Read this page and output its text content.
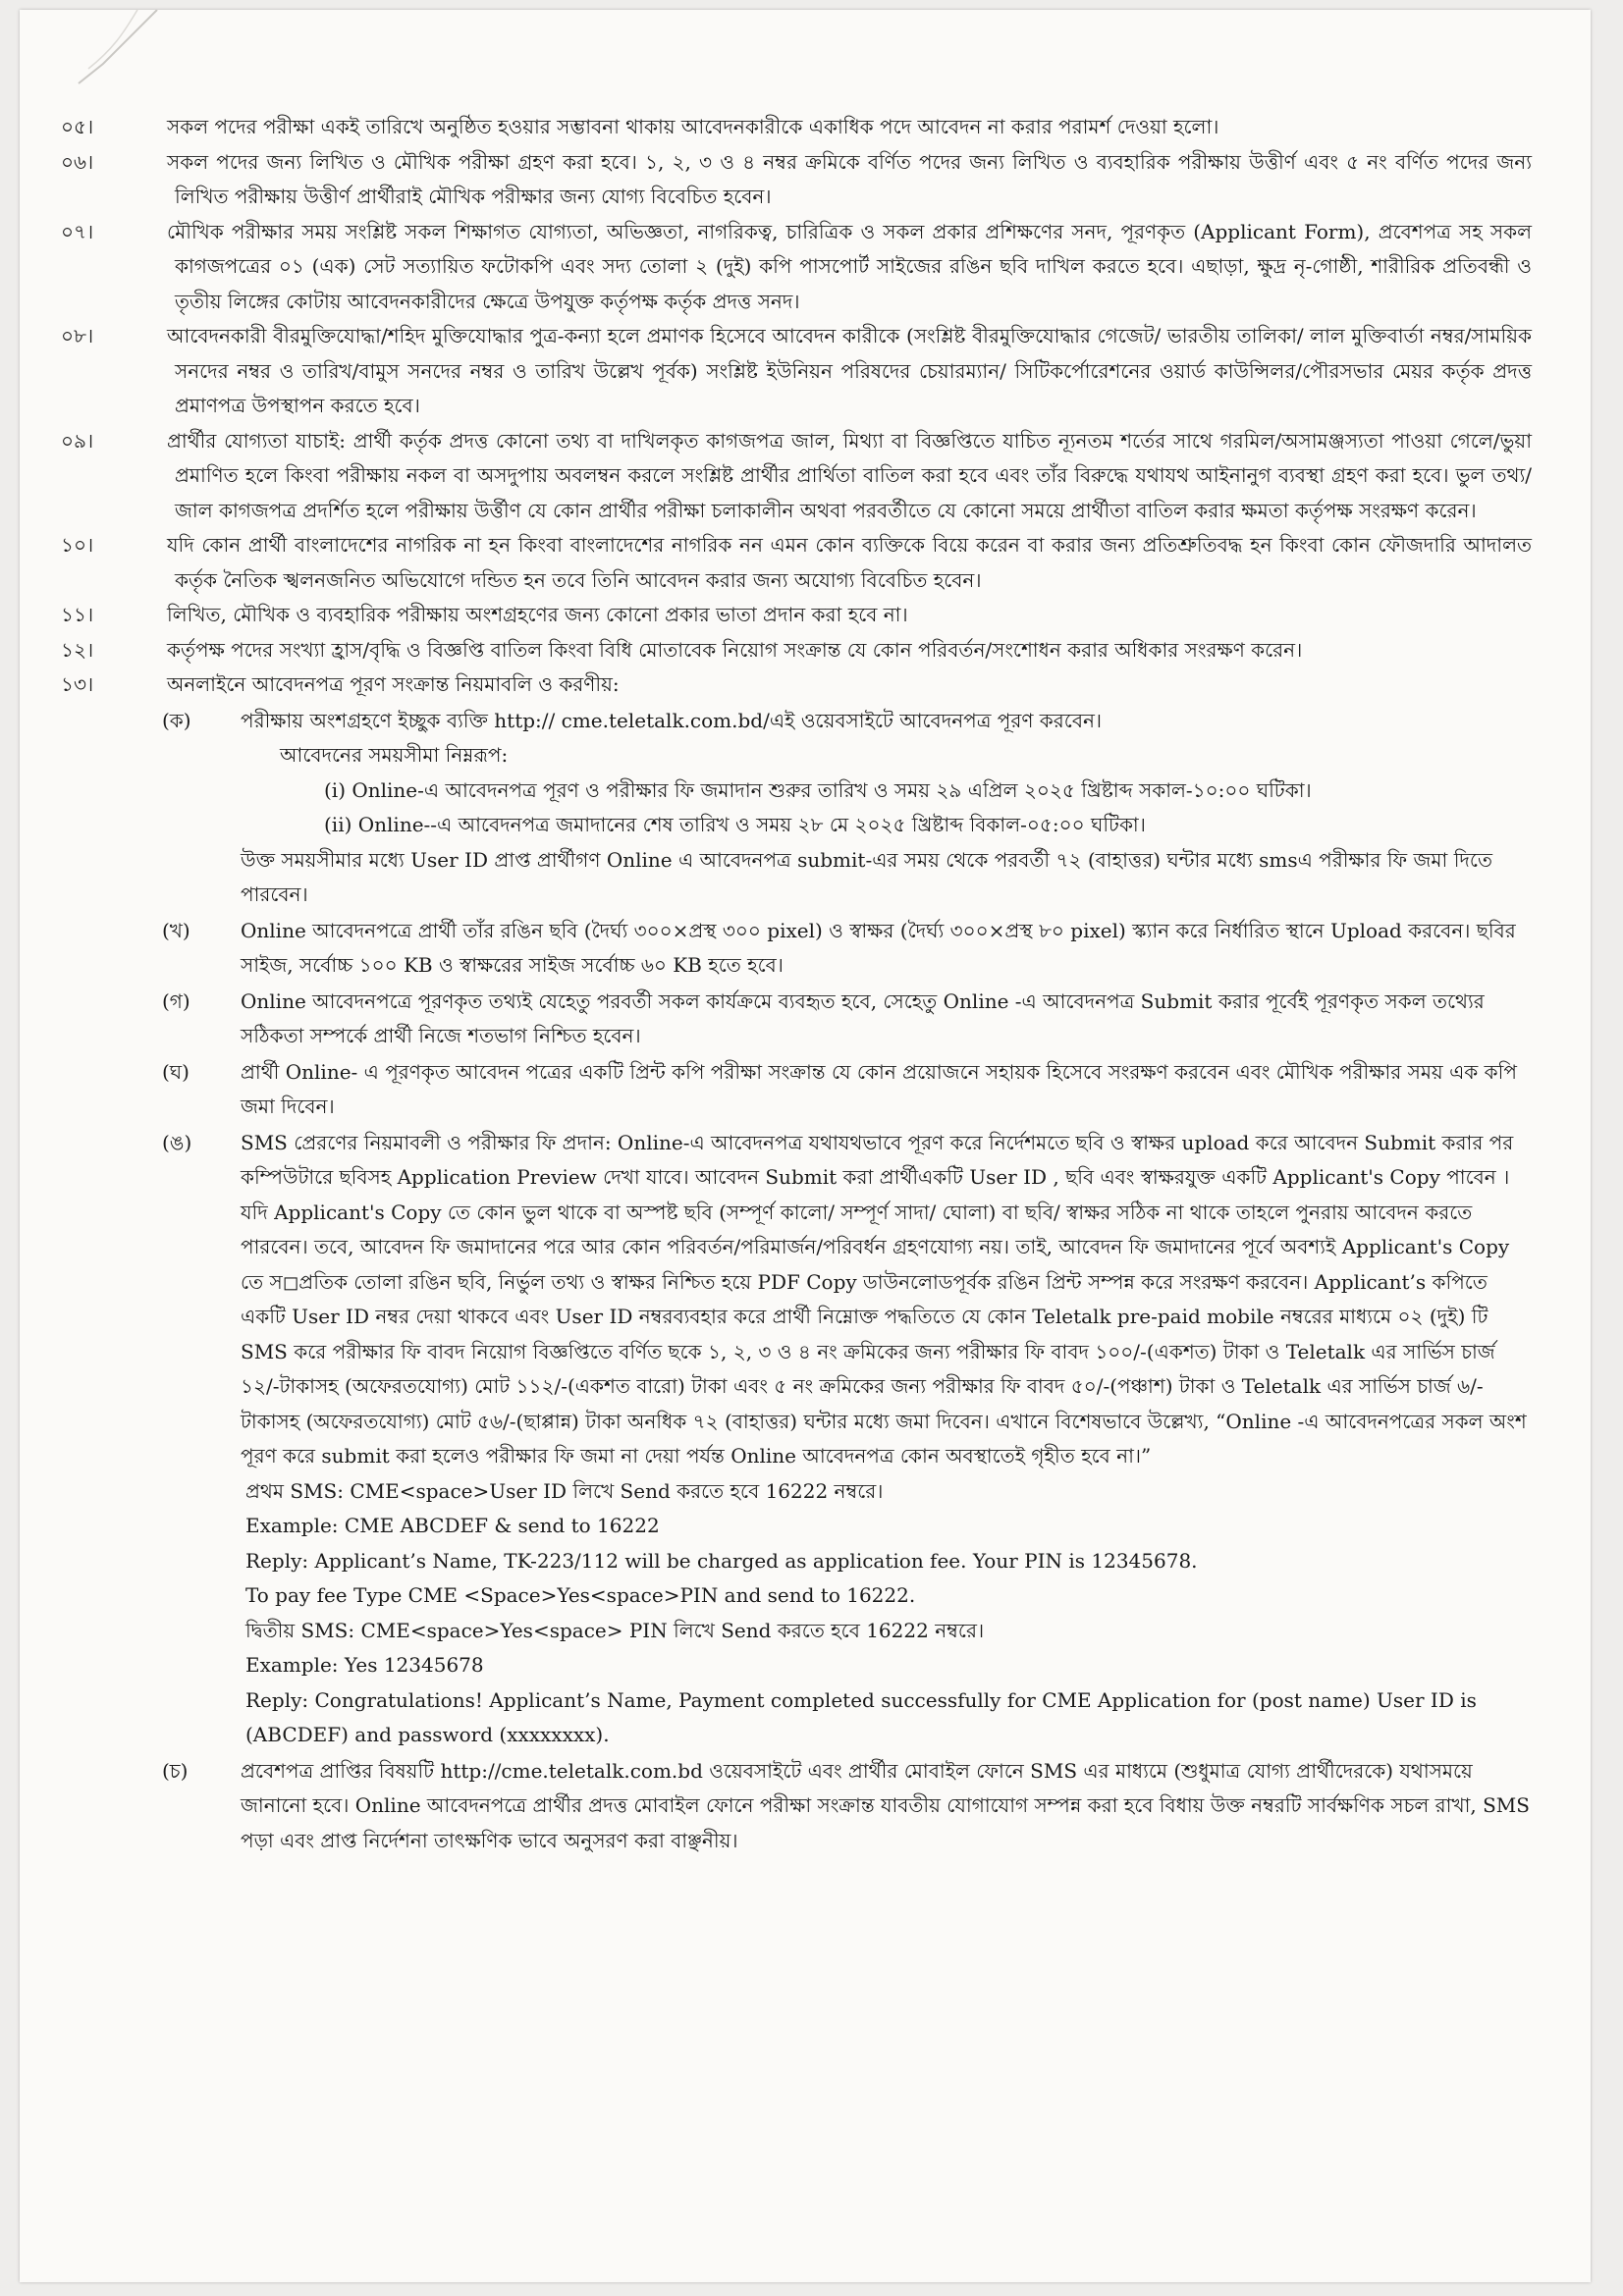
০৫।	সকল পদের পরীক্ষা একই তারিখে অনুষ্ঠিত হওয়ার সম্ভাবনা থাকায় আবেদনকারীকে একাধিক পদে আবেদন না করার পরামর্শ দেওয়া হলো।

০৬।	সকল পদের জন্য লিখিত ও মৌখিক পরীক্ষা গ্রহণ করা হবে। ১, ২, ৩ ও ৪ নম্বর ক্রমিকে বর্ণিত পদের জন্য লিখিত ও ব্যবহারিক পরীক্ষায় উত্তীর্ণ এবং ৫ নং বর্ণিত পদের জন্য লিখিত পরীক্ষায় উত্তীর্ণ প্রার্থীরাই মৌখিক পরীক্ষার জন্য যোগ্য বিবেচিত হবেন।

০৭।	মৌখিক পরীক্ষার সময় সংশ্লিষ্ট সকল শিক্ষাগত যোগ্যতা, অভিজ্ঞতা, নাগরিকত্ব, চারিত্রিক ও সকল প্রকার প্রশিক্ষণের সনদ, পূরণকৃত (Applicant Form), প্রবেশপত্র সহ সকল কাগজপত্রের ০১ (এক) সেট সত্যায়িত ফটোকপি এবং সদ্য তোলা ২ (দুই) কপি পাসপোর্ট সাইজের রঙিন ছবি দাখিল করতে হবে। এছাড়া, ক্ষুদ্র নৃ-গোষ্ঠী, শারীরিক প্রতিবন্ধী ও তৃতীয় লিঙ্গের কোটায় আবেদনকারীদের ক্ষেত্রে উপযুক্ত কর্তৃপক্ষ কর্তৃক প্রদত্ত সনদ।

০৮।	আবেদনকারী বীরমুক্তিযোদ্ধা/শহিদ মুক্তিযোদ্ধার পুত্র-কন্যা হলে প্রমাণক হিসেবে আবেদন কারীকে (সংশ্লিষ্ট বীরমুক্তিযোদ্ধার গেজেট/ ভারতীয় তালিকা/ লাল মুক্তিবার্তা নম্বর/সাময়িক সনদের নম্বর ও তারিখ/বামুস সনদের নম্বর ও তারিখ উল্লেখ পূর্বক) সংশ্লিষ্ট ইউনিয়ন পরিষদের চেয়ারম্যান/ সিটিকর্পোরেশনের ওয়ার্ড কাউন্সিলর/পৌরসভার মেয়র কর্তৃক প্রদত্ত প্রমাণপত্র উপস্থাপন করতে হবে।

০৯।	প্রার্থীর যোগ্যতা যাচাই: প্রার্থী কর্তৃক প্রদত্ত কোনো তথ্য বা দাখিলকৃত কাগজপত্র জাল, মিথ্যা বা বিজ্ঞপ্তিতে যাচিত ন্যূনতম শর্তের সাথে গরমিল/অসামঞ্জস্যতা পাওয়া গেলে/ভুয়া প্রমাণিত হলে কিংবা পরীক্ষায় নকল বা অসদুপায় অবলম্বন করলে সংশ্লিষ্ট প্রার্থীর প্রার্থিতা বাতিল করা হবে এবং তাঁর বিরুদ্ধে যথাযথ আইনানুগ ব্যবস্থা গ্রহণ করা হবে। ভুল তথ্য/জাল কাগজপত্র প্রদর্শিত হলে পরীক্ষায় উর্ত্তীণ যে কোন প্রার্থীর পরীক্ষা চলাকালীন অথবা পরবর্তীতে যে কোনো সময়ে প্রার্থীতা বাতিল করার ক্ষমতা কর্তৃপক্ষ সংরক্ষণ করেন।

১০।	যদি কোন প্রার্থী বাংলাদেশের নাগরিক না হন কিংবা বাংলাদেশের নাগরিক নন এমন কোন ব্যক্তিকে বিয়ে করেন বা করার জন্য প্রতিশ্রুতিবদ্ধ হন কিংবা কোন ফৌজদারি আদালত কর্তৃক নৈতিক স্খলনজনিত অভিযোগে দন্ডিত হন তবে তিনি আবেদন করার জন্য অযোগ্য বিবেচিত হবেন।

১১।	লিখিত, মৌখিক ও ব্যবহারিক পরীক্ষায় অংশগ্রহণের জন্য কোনো প্রকার ভাতা প্রদান করা হবে না।

১২।	কর্তৃপক্ষ পদের সংখ্যা হ্রাস/বৃদ্ধি ও বিজ্ঞপ্তি বাতিল কিংবা বিধি মোতাবেক নিয়োগ সংক্রান্ত যে কোন পরিবর্তন/সংশোধন করার অধিকার সংরক্ষণ করেন।

১৩।	অনলাইনে আবেদনপত্র পূরণ সংক্রান্ত নিয়মাবলি ও করণীয়:

(ক)	পরীক্ষায় অংশগ্রহণে ইচ্ছুক ব্যক্তি http:// cme.teletalk.com.bd/এই ওয়েবসাইটে আবেদনপত্র পূরণ করবেন।

আবেদনের সময়সীমা নিম্নরূপ:

(i) Online-এ আবেদনপত্র পূরণ ও পরীক্ষার ফি জমাদান শুরুর তারিখ ও সময় ২৯ এপ্রিল ২০২৫ খ্রিষ্টাব্দ সকাল-১০:০০ ঘটিকা।

(ii) Online--এ আবেদনপত্র জমাদানের শেষ তারিখ ও সময় ২৮ মে ২০২৫ খ্রিষ্টাব্দ বিকাল-০৫:০০ ঘটিকা।

উক্ত সময়সীমার মধ্যে User ID প্রাপ্ত প্রার্থীগণ Online এ আবেদনপত্র submit-এর সময় থেকে পরবর্তী ৭২ (বাহাত্তর) ঘন্টার মধ্যে smsএ পরীক্ষার ফি জমা দিতে পারবেন।

(খ)	Online আবেদনপত্রে প্রার্থী তাঁর রঙিন ছবি (দৈর্ঘ্য ৩০০×প্রস্থ ৩০০ pixel) ও স্বাক্ষর (দৈর্ঘ্য ৩০০×প্রস্থ ৮০ pixel) স্ক্যান করে নির্ধারিত স্থানে Upload করবেন। ছবির সাইজ, সর্বোচ্চ ১০০ KB ও স্বাক্ষরের সাইজ সর্বোচ্চ ৬০ KB হতে হবে।

(গ)	Online আবেদনপত্রে পূরণকৃত তথ্যই যেহেতু পরবর্তী সকল কার্যক্রমে ব্যবহৃত হবে, সেহেতু Online -এ আবেদনপত্র Submit করার পূর্বেই পূরণকৃত সকল তথ্যের সঠিকতা সম্পর্কে প্রার্থী নিজে শতভাগ নিশ্চিত হবেন।

(ঘ)	প্রার্থী Online- এ পূরণকৃত আবেদন পত্রের একটি প্রিন্ট কপি পরীক্ষা সংক্রান্ত যে কোন প্রয়োজনে সহায়ক হিসেবে সংরক্ষণ করবেন এবং মৌখিক পরীক্ষার সময় এক কপি জমা দিবেন।

(ঙ) SMS প্রেরণের নিয়মাবলী ও পরীক্ষার ফি প্রদান: Online-এ আবেদনপত্র যথাযথভাবে পূরণ করে নির্দেশমতে ছবি ও স্বাক্ষর upload করে আবেদন Submit করার পর কম্পিউটারে ছবিসহ Application Preview দেখা যাবে। আবেদন Submit করা প্রার্থীএকটি User ID , ছবি এবং স্বাক্ষরযুক্ত একটি Applicant's Copy পাবেন । যদি Applicant's Copy তে কোন ভুল থাকে বা অস্পষ্ট ছবি (সম্পূর্ণ কালো/ সম্পূর্ণ সাদা/ ঘোলা) বা ছবি/ স্বাক্ষর সঠিক না থাকে তাহলে পুনরায় আবেদন করতে পারবেন। তবে, আবেদন ফি জমাদানের পরে আর কোন পরিবর্তন/পরিমার্জন/পরিবর্ধন গ্রহণযোগ্য নয়। তাই, আবেদন ফি জমাদানের পূর্বে অবশ্যই Applicant's Copy তে স◻প্রতিক তোলা রঙিন ছবি, নির্ভুল তথ্য ও স্বাক্ষর নিশ্চিত হয়ে PDF Copy ডাউনলোডপূর্বক রঙিন প্রিন্ট সম্পন্ন করে সংরক্ষণ করবেন। Applicant’s কপিতে একটি User ID নম্বর দেয়া থাকবে এবং User ID নম্বরব্যবহার করে প্রার্থী নিম্নোক্ত পদ্ধতিতে যে কোন Teletalk pre-paid mobile নম্বরের মাধ্যমে ০২ (দুই) টি SMS করে পরীক্ষার ফি বাবদ নিয়োগ বিজ্ঞপ্তিতে বর্ণিত ছকে ১, ২, ৩ ও ৪ নং ক্রমিকের জন্য পরীক্ষার ফি বাবদ ১০০/-(একশত) টাকা ও Teletalk এর সার্ভিস চার্জ ১২/-টাকাসহ (অফেরতযোগ্য) মোট ১১২/-(একশত বারো) টাকা এবং ৫ নং ক্রমিকের জন্য পরীক্ষার ফি বাবদ ৫০/-(পঞ্চাশ) টাকা ও Teletalk এর সার্ভিস চার্জ ৬/-টাকাসহ (অফেরতযোগ্য) মোট ৫৬/-(ছাপ্পান্ন) টাকা অনধিক ৭২ (বাহাত্তর) ঘন্টার মধ্যে জমা দিবেন। এখানে বিশেষভাবে উল্লেখ্য, “Online -এ আবেদনপত্রের সকল অংশ পূরণ করে submit করা হলেও পরীক্ষার ফি জমা না দেয়া পর্যন্ত Online আবেদনপত্র কোন অবস্থাতেই গৃহীত হবে না।”

প্রথম SMS: CME<space>User ID লিখে Send করতে হবে 16222 নম্বরে।

Example: CME ABCDEF & send to 16222

Reply: Applicant’s Name, TK-223/112 will be charged as application fee. Your PIN is 12345678.

To pay fee Type CME <Space>Yes<space>PIN and send to 16222.

দ্বিতীয় SMS: CME<space>Yes<space> PIN লিখে Send করতে হবে 16222 নম্বরে।

Example: Yes 12345678

Reply: Congratulations! Applicant’s Name, Payment completed successfully for CME Application for (post name) User ID is (ABCDEF) and password (xxxxxxxx).

(চ)	প্রবেশপত্র প্রাপ্তির বিষয়টি http://cme.teletalk.com.bd ওয়েবসাইটে এবং প্রার্থীর মোবাইল ফোনে SMS এর মাধ্যমে (শুধুমাত্র যোগ্য প্রার্থীদেরকে) যথাসময়ে জানানো হবে। Online আবেদনপত্রে প্রার্থীর প্রদত্ত মোবাইল ফোনে পরীক্ষা সংক্রান্ত যাবতীয় যোগাযোগ সম্পন্ন করা হবে বিধায় উক্ত নম্বরটি সার্বক্ষণিক সচল রাখা, SMS পড়া এবং প্রাপ্ত নির্দেশনা তাৎক্ষণিক ভাবে অনুসরণ করা বাঞ্ছনীয়।
